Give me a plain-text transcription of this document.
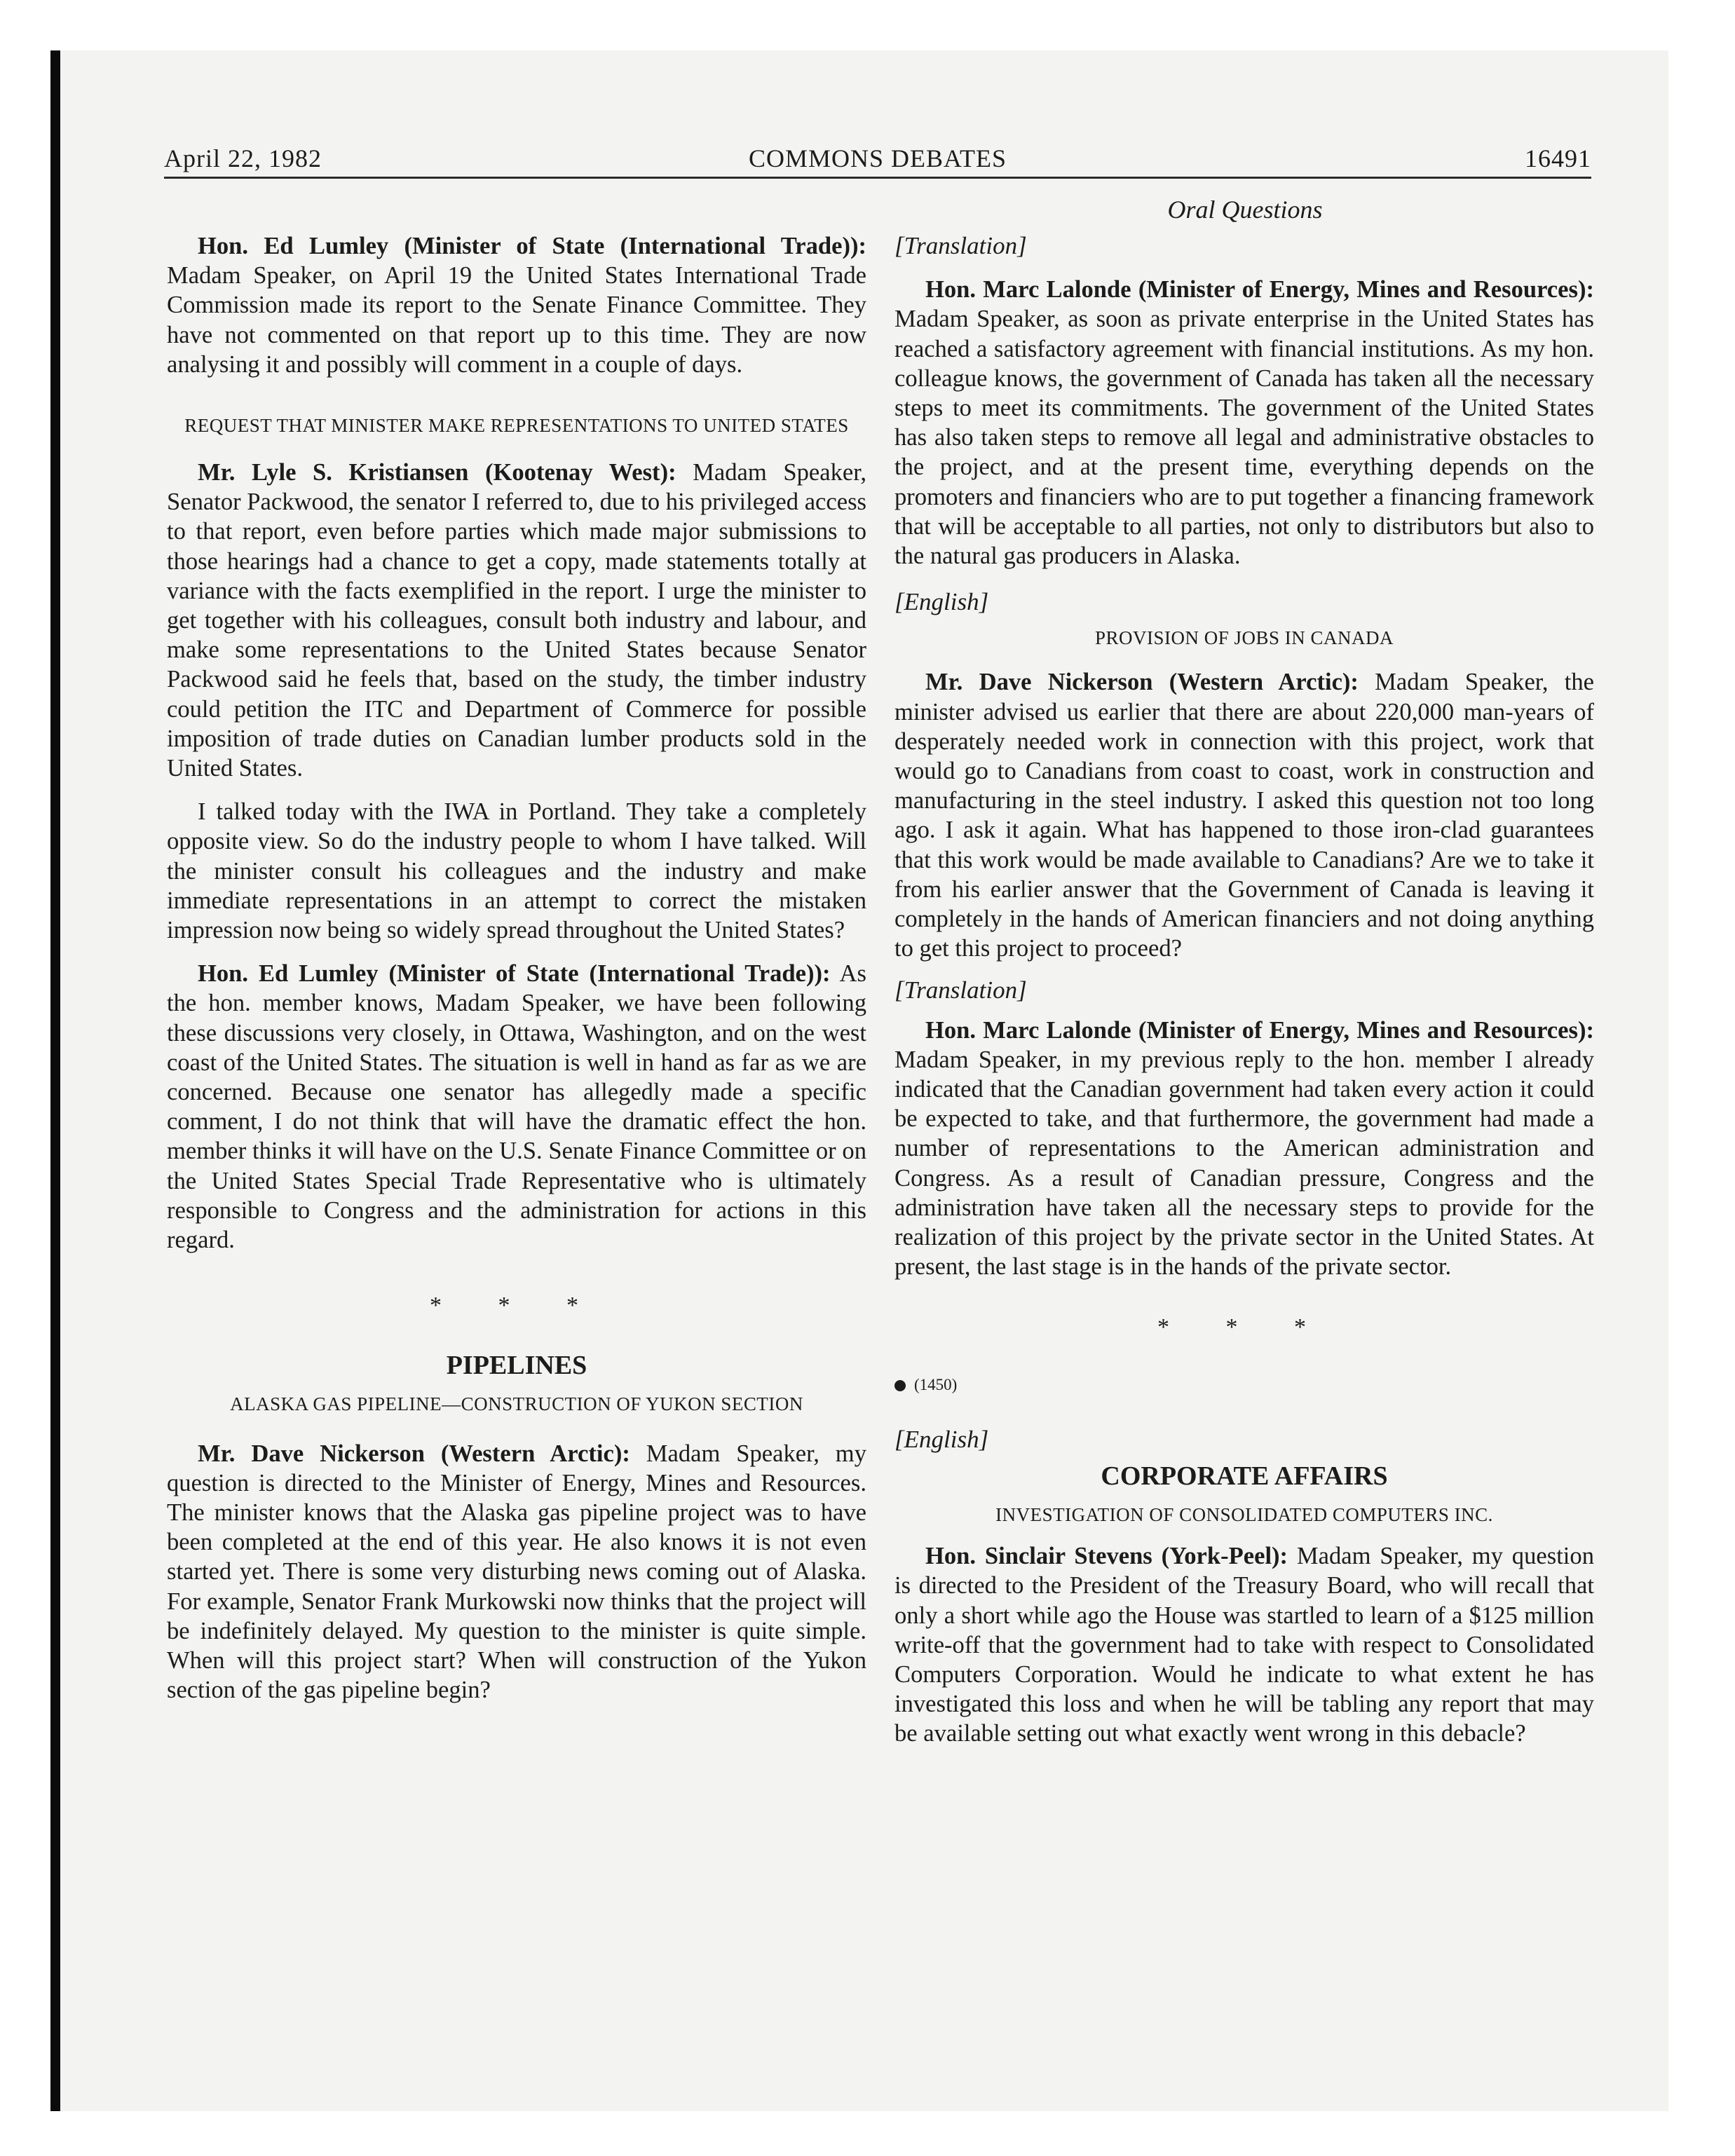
April 22, 1982	COMMONS DEBATES	16491
Oral Questions

Hon. Ed Lumley (Minister of State (International Trade)): Madam Speaker, on April 19 the United States International Trade Commission made its report to the Senate Finance Committee. They have not commented on that report up to this time. They are now analysing it and possibly will comment in a couple of days.

REQUEST THAT MINISTER MAKE REPRESENTATIONS TO UNITED STATES

Mr. Lyle S. Kristiansen (Kootenay West): Madam Speaker, Senator Packwood, the senator I referred to, due to his privileged access to that report, even before parties which made major submissions to those hearings had a chance to get a copy, made statements totally at variance with the facts exemplified in the report. I urge the minister to get together with his colleagues, consult both industry and labour, and make some representations to the United States because Senator Packwood said he feels that, based on the study, the timber industry could petition the ITC and Department of Commerce for possible imposition of trade duties on Canadian lumber products sold in the United States.

I talked today with the IWA in Portland. They take a completely opposite view. So do the industry people to whom I have talked. Will the minister consult his colleagues and the industry and make immediate representations in an attempt to correct the mistaken impression now being so widely spread throughout the United States?

Hon. Ed Lumley (Minister of State (International Trade)): As the hon. member knows, Madam Speaker, we have been following these discussions very closely, in Ottawa, Washington, and on the west coast of the United States. The situation is well in hand as far as we are concerned. Because one senator has allegedly made a specific comment, I do not think that will have the dramatic effect the hon. member thinks it will have on the U.S. Senate Finance Committee or on the United States Special Trade Representative who is ultimately responsible to Congress and the administration for actions in this regard.

* * *
PIPELINES
ALASKA GAS PIPELINE—CONSTRUCTION OF YUKON SECTION

Mr. Dave Nickerson (Western Arctic): Madam Speaker, my question is directed to the Minister of Energy, Mines and Resources. The minister knows that the Alaska gas pipeline project was to have been completed at the end of this year. He also knows it is not even started yet. There is some very disturbing news coming out of Alaska. For example, Senator Frank Murkowski now thinks that the project will be indefinitely delayed. My question to the minister is quite simple. When will this project start? When will construction of the Yukon section of the gas pipeline begin?

[Translation]

Hon. Marc Lalonde (Minister of Energy, Mines and Resources): Madam Speaker, as soon as private enterprise in the United States has reached a satisfactory agreement with financial institutions. As my hon. colleague knows, the government of Canada has taken all the necessary steps to meet its commitments. The government of the United States has also taken steps to remove all legal and administrative obstacles to the project, and at the present time, everything depends on the promoters and financiers who are to put together a financing framework that will be acceptable to all parties, not only to distributors but also to the natural gas producers in Alaska.

[English]
PROVISION OF JOBS IN CANADA

Mr. Dave Nickerson (Western Arctic): Madam Speaker, the minister advised us earlier that there are about 220,000 man-years of desperately needed work in connection with this project, work that would go to Canadians from coast to coast, work in construction and manufacturing in the steel industry. I asked this question not too long ago. I ask it again. What has happened to those iron-clad guarantees that this work would be made available to Canadians? Are we to take it from his earlier answer that the Government of Canada is leaving it completely in the hands of American financiers and not doing anything to get this project to proceed?

[Translation]

Hon. Marc Lalonde (Minister of Energy, Mines and Resources): Madam Speaker, in my previous reply to the hon. member I already indicated that the Canadian government had taken every action it could be expected to take, and that furthermore, the government had made a number of representations to the American administration and Congress. As a result of Canadian pressure, Congress and the administration have taken all the necessary steps to provide for the realization of this project by the private sector in the United States. At present, the last stage is in the hands of the private sector.

* * *
(1450)
[English]
CORPORATE AFFAIRS
INVESTIGATION OF CONSOLIDATED COMPUTERS INC.

Hon. Sinclair Stevens (York-Peel): Madam Speaker, my question is directed to the President of the Treasury Board, who will recall that only a short while ago the House was startled to learn of a $125 million write-off that the government had to take with respect to Consolidated Computers Corporation. Would he indicate to what extent he has investigated this loss and when he will be tabling any report that may be available setting out what exactly went wrong in this debacle?
